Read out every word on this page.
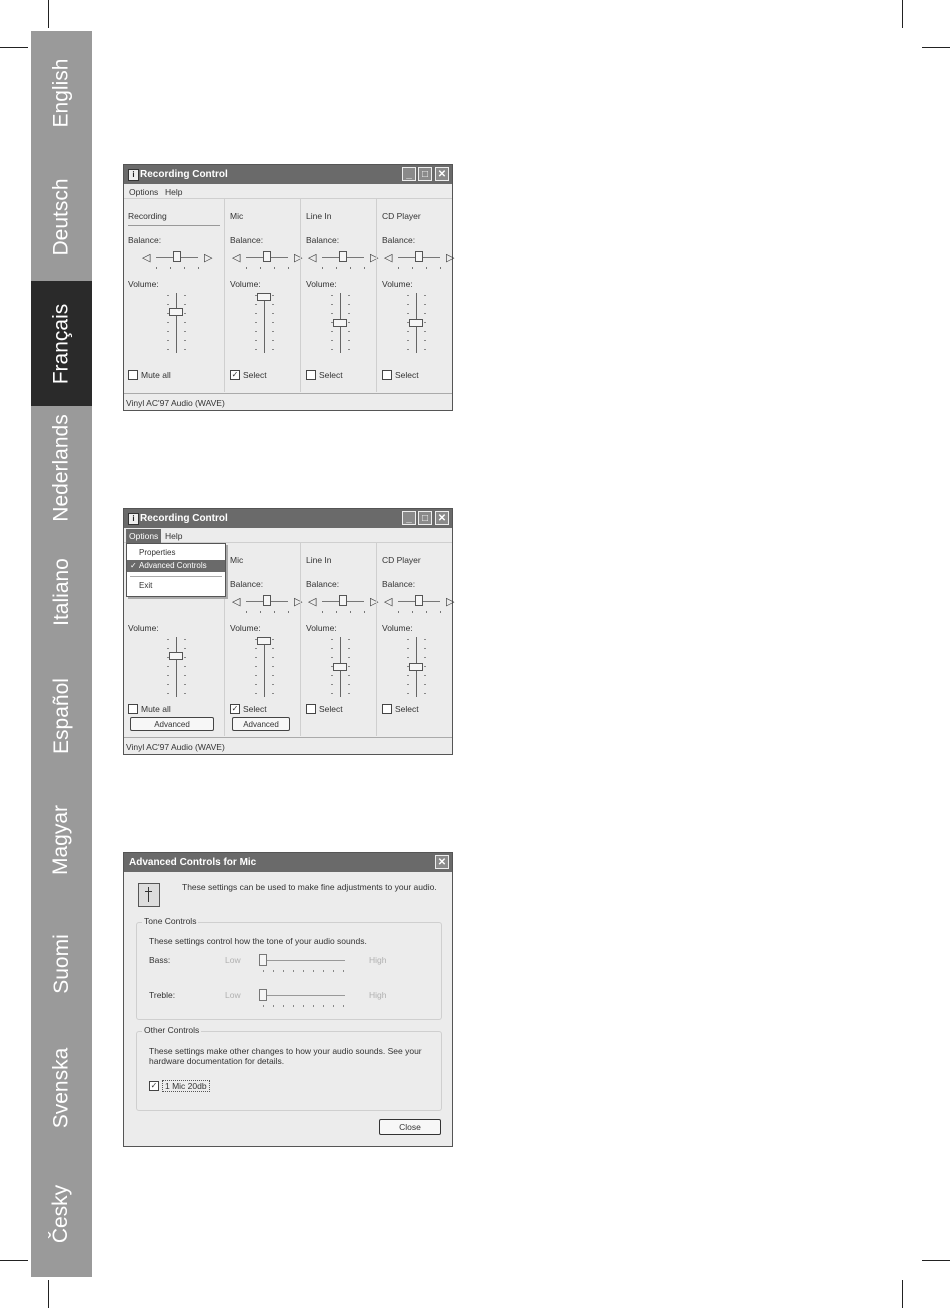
English
Deutsch
Français
Nederlands
Italiano
Español
Magyar
Suomi
Svenska
Česky
i Recording Control	_	□ ✕
Options Help
Recording
Balance:
◁	◁
Volume:
Mute all
Mic
Balance:
◁	◁
Volume:
✓ Select
Line In
Balance:
◁	◁
Volume:
Select
CD Player
Balance:
◁	◁
Volume:
Select
Vinyl AC'97 Audio (WAVE)
i Recording Control	_	□ ✕
Options Help
Volume:
Mute all
Advanced
Mic
Balance:
◁	◁
Volume:
✓ Select
Advanced
Line In
Balance:
◁	◁
Volume:
Select
CD Player
Balance:
◁	◁
Volume:
Select
Vinyl AC'97 Audio (WAVE)
Properties
✓ Advanced Controls
Exit
Advanced Controls for Mic	✕
These settings can be used to make fine adjustments to your audio.
Tone Controls
These settings control how the tone of your audio sounds.
Bass:	Low	High
Treble:	Low	High
Other Controls
These settings make other changes to how your audio sounds. See your hardware documentation for details.
✓ 1 Mic 20db
Close
